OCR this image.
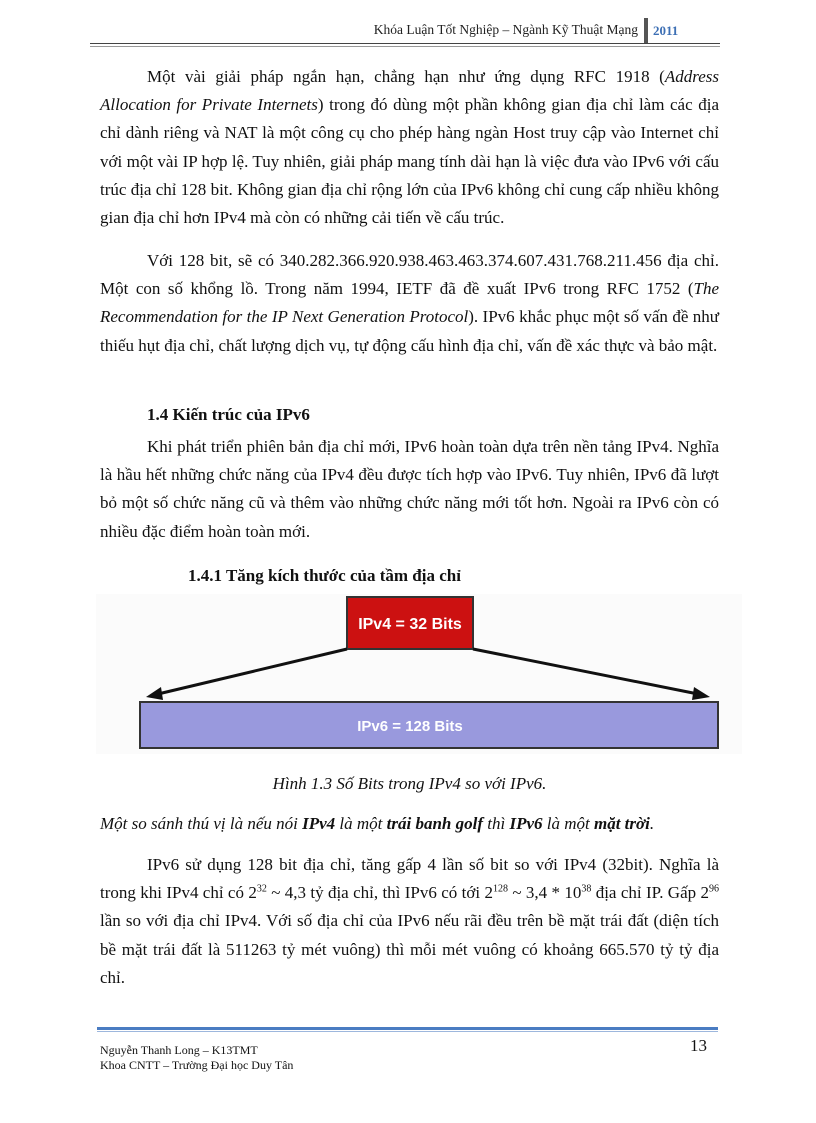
Khóa Luận Tốt Nghiệp – Ngành Kỹ Thuật Mạng 2011

Một vài giải pháp ngắn hạn, chẳng hạn như ứng dụng RFC 1918 (Address Allocation for Private Internets) trong đó dùng một phần không gian địa chỉ làm các địa chỉ dành riêng và NAT là một công cụ cho phép hàng ngàn Host truy cập vào Internet chỉ với một vài IP hợp lệ. Tuy nhiên, giải pháp mang tính dài hạn là việc đưa vào IPv6 với cấu trúc địa chỉ 128 bit. Không gian địa chỉ rộng lớn của IPv6 không chỉ cung cấp nhiều không gian địa chỉ hơn IPv4 mà còn có những cải tiến về cấu trúc.

Với 128 bit, sẽ có 340.282.366.920.938.463.463.374.607.431.768.211.456 địa chỉ. Một con số khổng lồ. Trong năm 1994, IETF đã đề xuất IPv6 trong RFC 1752 (The Recommendation for the IP Next Generation Protocol). IPv6 khắc phục một số vấn đề như thiếu hụt địa chỉ, chất lượng dịch vụ, tự động cấu hình địa chỉ, vấn đề xác thực và bảo mật.

1.4 Kiến trúc của IPv6

Khi phát triển phiên bản địa chỉ mới, IPv6 hoàn toàn dựa trên nền tảng IPv4. Nghĩa là hầu hết những chức năng của IPv4 đều được tích hợp vào IPv6. Tuy nhiên, IPv6 đã lượt bỏ một số chức năng cũ và thêm vào những chức năng mới tốt hơn. Ngoài ra IPv6 còn có nhiều đặc điểm hoàn toàn mới.

1.4.1 Tăng kích thước của tầm địa chỉ
IPv4 = 32 Bits
IPv6 = 128 Bits
Hình 1.3 Số Bits trong IPv4 so với IPv6.
Một so sánh thú vị là nếu nói IPv4 là một trái banh golf thì IPv6 là một mặt trời.

IPv6 sử dụng 128 bit địa chỉ, tăng gấp 4 lần số bit so với IPv4 (32bit). Nghĩa là trong khi IPv4 chỉ có $2^{32}$ ~ 4,3 tỷ địa chỉ, thì IPv6 có tới $2^{128}$ ~ $3,4 * 10^{38}$ địa chỉ IP. Gấp $2^{96}$ lần so với địa chỉ IPv4. Với số địa chỉ của IPv6 nếu rãi đều trên bề mặt trái đất (diện tích bề mặt trái đất là 511263 tỷ mét vuông) thì mỗi mét vuông có khoảng 665.570 tỷ tỷ địa chỉ.

13
Nguyễn Thanh Long – K13TMT
Khoa CNTT – Trường Đại học Duy Tân
